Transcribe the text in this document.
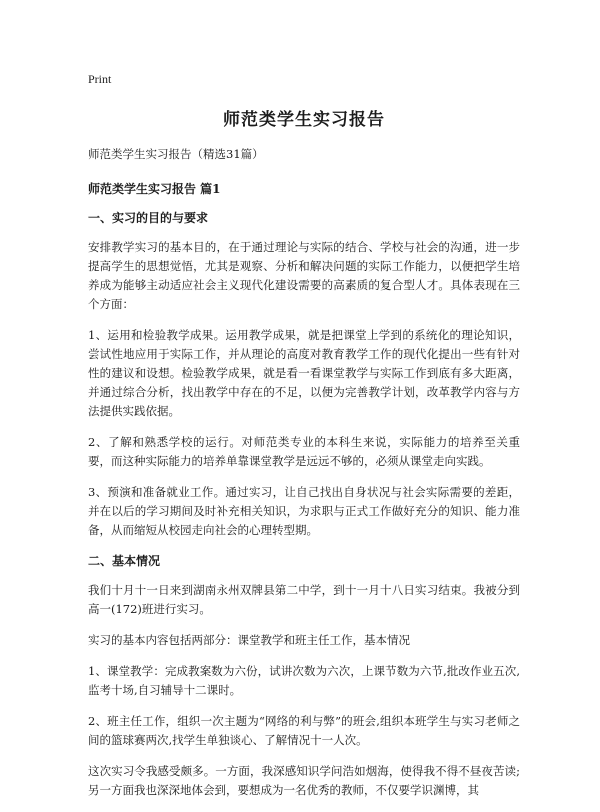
Print
师范类学生实习报告
师范类学生实习报告（精选31篇）
师范类学生实习报告 篇1
一、实习的目的与要求

安排教学实习的基本目的，在于通过理论与实际的结合、学校与社会的沟通，进一步提高学生的思想觉悟，尤其是观察、分析和解决问题的实际工作能力，以便把学生培养成为能够主动适应社会主义现代化建设需要的高素质的复合型人才。具体表现在三个方面：

1、运用和检验教学成果。运用教学成果，就是把课堂上学到的系统化的理论知识，尝试性地应用于实际工作，并从理论的高度对教育教学工作的现代化提出一些有针对性的建议和设想。检验教学成果，就是看一看课堂教学与实际工作到底有多大距离，并通过综合分析，找出教学中存在的不足，以便为完善教学计划，改革教学内容与方法提供实践依据。

2、了解和熟悉学校的运行。对师范类专业的本科生来说，实际能力的培养至关重要，而这种实际能力的培养单靠课堂教学是远远不够的，必须从课堂走向实践。

3、预演和准备就业工作。通过实习，让自己找出自身状况与社会实际需要的差距，并在以后的学习期间及时补充相关知识，为求职与正式工作做好充分的知识、能力准备，从而缩短从校园走向社会的心理转型期。

二、基本情况

我们十月十一日来到湖南永州双牌县第二中学，到十一月十八日实习结束。我被分到高一(172)班进行实习。

实习的基本内容包括两部分：课堂教学和班主任工作，基本情况

1、课堂教学：完成教案数为六份，试讲次数为六次，上课节数为六节,批改作业五次,监考十场,自习辅导十二课时。

2、班主任工作，组织一次主题为“网络的利与弊”的班会,组织本班学生与实习老师之间的篮球赛两次,找学生单独谈心、了解情况十一人次。

这次实习令我感受颇多。一方面，我深感知识学问浩如烟海，使得我不得不昼夜苦读;另一方面我也深深地体会到，要想成为一名优秀的教师，不仅要学识渊博，其
